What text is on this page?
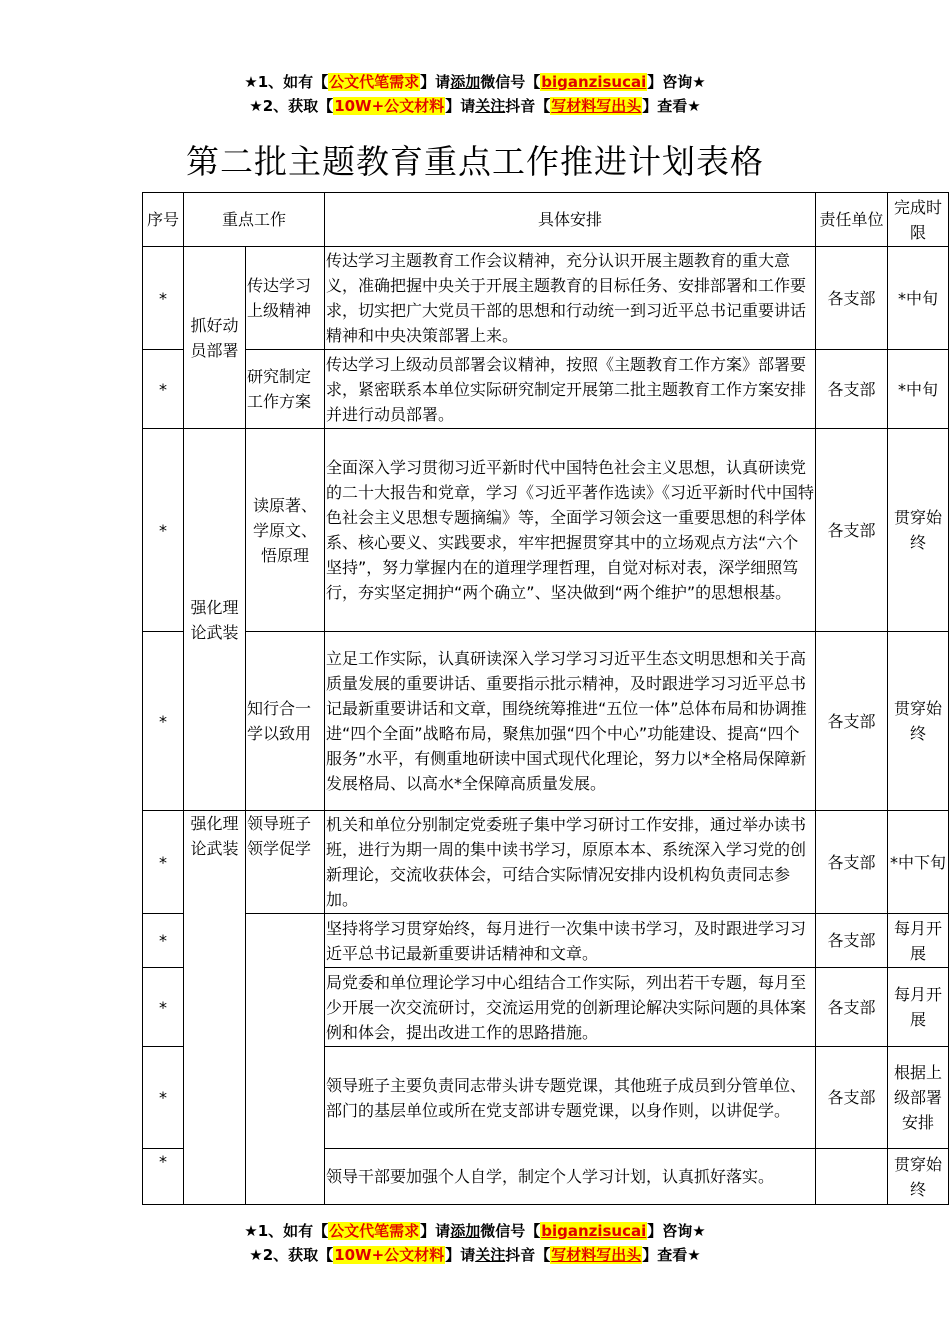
★1、如有【公文代笔需求】请添加微信号【biganzisucai】咨询★
★2、获取【10W+公文材料】请关注抖音【写材料写出头】查看★
第二批主题教育重点工作推进计划表格
序号	重点工作		具体安排	责任单位	完成时限
*	抓好动员部署	传达学习上级精神	传达学习主题教育工作会议精神，充分认识开展主题教育的重大意义，准确把握中央关于开展主题教育的目标任务、安排部署和工作要求，切实把广大党员干部的思想和行动统一到习近平总书记重要讲话精神和中央决策部署上来。	各支部	*中旬
*		研究制定工作方案	传达学习上级动员部署会议精神，按照《主题教育工作方案》部署要求，紧密联系本单位实际研究制定开展第二批主题教育工作方案安排并进行动员部署。	各支部	*中旬
*	强化理论武装	读原著、学原文、悟原理	全面深入学习贯彻习近平新时代中国特色社会主义思想，认真研读党的二十大报告和党章，学习《习近平著作选读》《习近平新时代中国特色社会主义思想专题摘编》等，全面学习领会这一重要思想的科学体系、核心要义、实践要求，牢牢把握贯穿其中的立场观点方法“六个坚持”，努力掌握内在的道理学理哲理，自觉对标对表，深学细照笃行，夯实坚定拥护“两个确立”、坚决做到“两个维护”的思想根基。	各支部	贯穿始终
*		知行合一学以致用	立足工作实际，认真研读深入学习学习习近平生态文明思想和关于高质量发展的重要讲话、重要指示批示精神，及时跟进学习习近平总书记最新重要讲话和文章，围绕统筹推进“五位一体”总体布局和协调推进“四个全面”战略布局，聚焦加强“四个中心”功能建设、提高“四个服务”水平，有侧重地研读中国式现代化理论，努力以*全格局保障新发展格局、以高水*全保障高质量发展。	各支部	贯穿始终
*	强化理论武装	领导班子领学促学	机关和单位分别制定党委班子集中学习研讨工作安排，通过举办读书班，进行为期一周的集中读书学习，原原本本、系统深入学习党的创新理论，交流收获体会，可结合实际情况安排内设机构负责同志参加。	各支部	*中下旬
*			坚持将学习贯穿始终，每月进行一次集中读书学习，及时跟进学习习近平总书记最新重要讲话精神和文章。	各支部	每月开展
*			局党委和单位理论学习中心组结合工作实际，列出若干专题，每月至少开展一次交流研讨，交流运用党的创新理论解决实际问题的具体案例和体会，提出改进工作的思路措施。	各支部	每月开展
*			领导班子主要负责同志带头讲专题党课，其他班子成员到分管单位、部门的基层单位或所在党支部讲专题党课，以身作则，以讲促学。	各支部	根据上级部署安排
*			领导干部要加强个人自学，制定个人学习计划，认真抓好落实。		贯穿始终
★1、如有【公文代笔需求】请添加微信号【biganzisucai】咨询★
★2、获取【10W+公文材料】请关注抖音【写材料写出头】查看★
